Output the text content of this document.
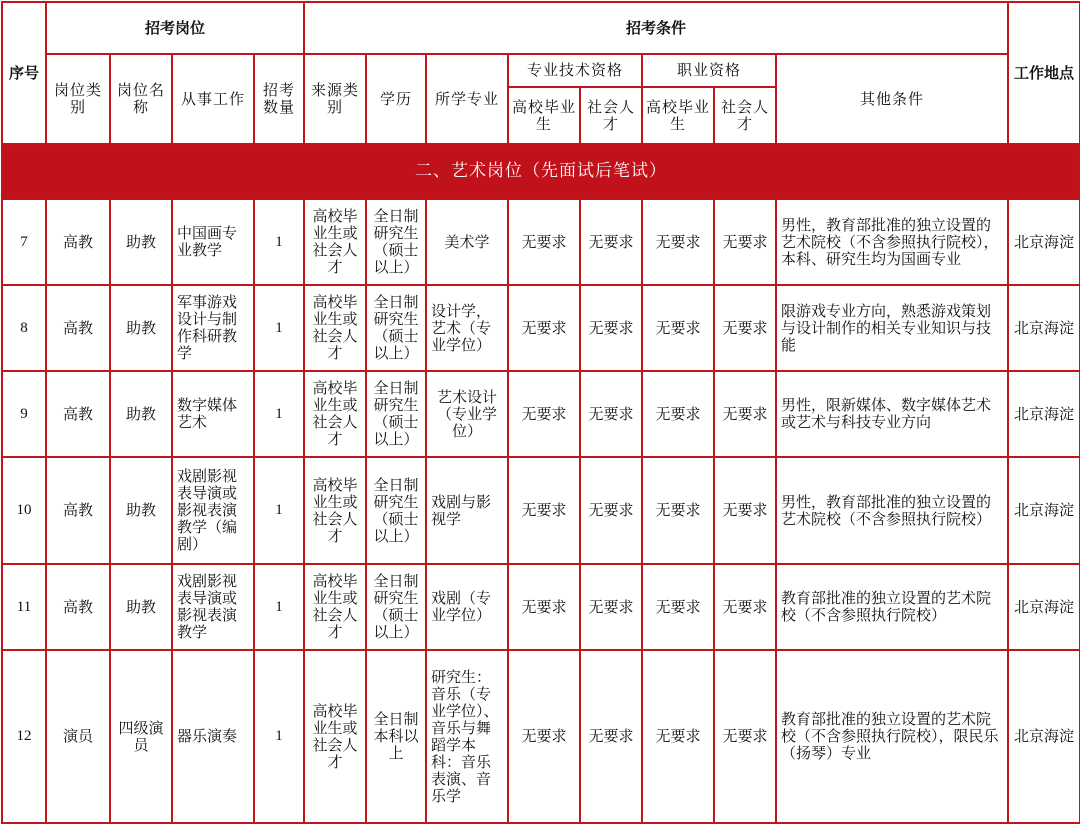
序号	招考岗位				招考条件								工作地点
	岗位类别	岗位名称	从事工作	招考数量	来源类别	学历	所学专业	专业技术资格		职业资格		其他条件	
								高校毕业生	社会人才	高校毕业生	社会人才		
二、艺术岗位（先面试后笔试）													
7	高教	助教	中国画专业教学	1	高校毕业生或社会人才	全日制研究生（硕士以上）	美术学	无要求	无要求	无要求	无要求	男性，教育部批准的独立设置的艺术院校（不含参照执行院校），本科、研究生均为国画专业	北京海淀
8	高教	助教	军事游戏设计与制作科研教学	1	高校毕业生或社会人才	全日制研究生（硕士以上）	设计学，艺术（专业学位）	无要求	无要求	无要求	无要求	限游戏专业方向，熟悉游戏策划与设计制作的相关专业知识与技能	北京海淀
9	高教	助教	数字媒体艺术	1	高校毕业生或社会人才	全日制研究生（硕士以上）	艺术设计（专业学位）	无要求	无要求	无要求	无要求	男性，限新媒体、数字媒体艺术或艺术与科技专业方向	北京海淀
10	高教	助教	戏剧影视表导演或影视表演教学（编剧）	1	高校毕业生或社会人才	全日制研究生（硕士以上）	戏剧与影视学	无要求	无要求	无要求	无要求	男性，教育部批准的独立设置的艺术院校（不含参照执行院校）	北京海淀
11	高教	助教	戏剧影视表导演或影视表演教学	1	高校毕业生或社会人才	全日制研究生（硕士以上）	戏剧（专业学位）	无要求	无要求	无要求	无要求	教育部批准的独立设置的艺术院校（不含参照执行院校）	北京海淀
12	演员	四级演员	器乐演奏	1	高校毕业生或社会人才	全日制本科以上	研究生：音乐（专业学位）、音乐与舞蹈学本科：音乐表演、音乐学	无要求	无要求	无要求	无要求	教育部批准的独立设置的艺术院校（不含参照执行院校），限民乐（扬琴）专业	北京海淀
